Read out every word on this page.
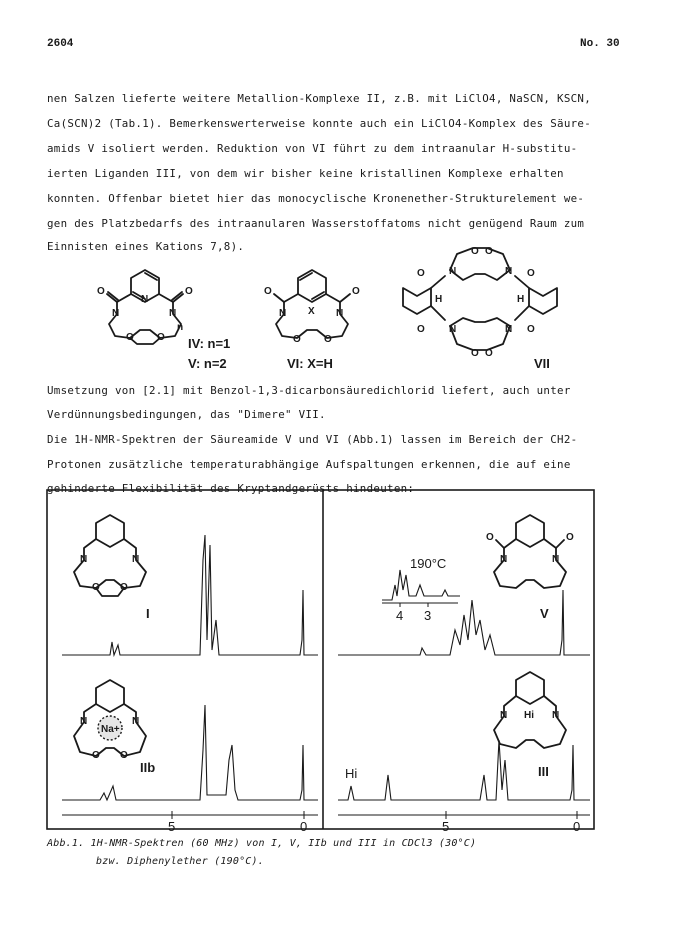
2604	No. 30
nen Salzen lieferte weitere Metallion-Komplexe II, z.B. mit LiClO4, NaSCN, KSCN,
Ca(SCN)2 (Tab.1). Bemerkenswerterweise konnte auch ein LiClO4-Komplex des Säure-
amids V isoliert werden. Reduktion von VI führt zu dem intraanular H-substitu-
ierten Liganden III, von dem wir bisher keine kristallinen Komplexe erhalten
konnten. Offenbar bietet hier das monocyclische Kronenether-Strukturelement we-
gen des Platzbedarfs des intraanularen Wasserstoffatoms nicht genügend Raum zum
Einnisten eines Kations 7,8).
O	O
N
N	N
O O
n
IV: n=1
V: n=2
O	O
N	N
X
O O
VI: X=H
O N	N O
O O
H	H
O N	N O
O O
VII
Umsetzung von [2.1] mit Benzol-1,3-dicarbonsäuredichlorid liefert, auch unter
Verdünnungsbedingungen, das "Dimere" VII.
Die 1H-NMR-Spektren der Säureamide V und VI (Abb.1) lassen im Bereich der CH2-
Protonen zusätzliche temperaturabhängige Aufspaltungen erkennen, die auf eine
gehinderte Flexibilität des Kryptandgerüsts hindeuten:
5	0	5	0
190°C
4 3
I
IIb
V
III
Hi
N	N
O O
N	N
O O
Na+
O	O
N	N
N	N
Hi
Abb.1. 1H-NMR-Spektren (60 MHz) von I, V, IIb und III in CDCl3 (30°C)
bzw. Diphenylether (190°C).
